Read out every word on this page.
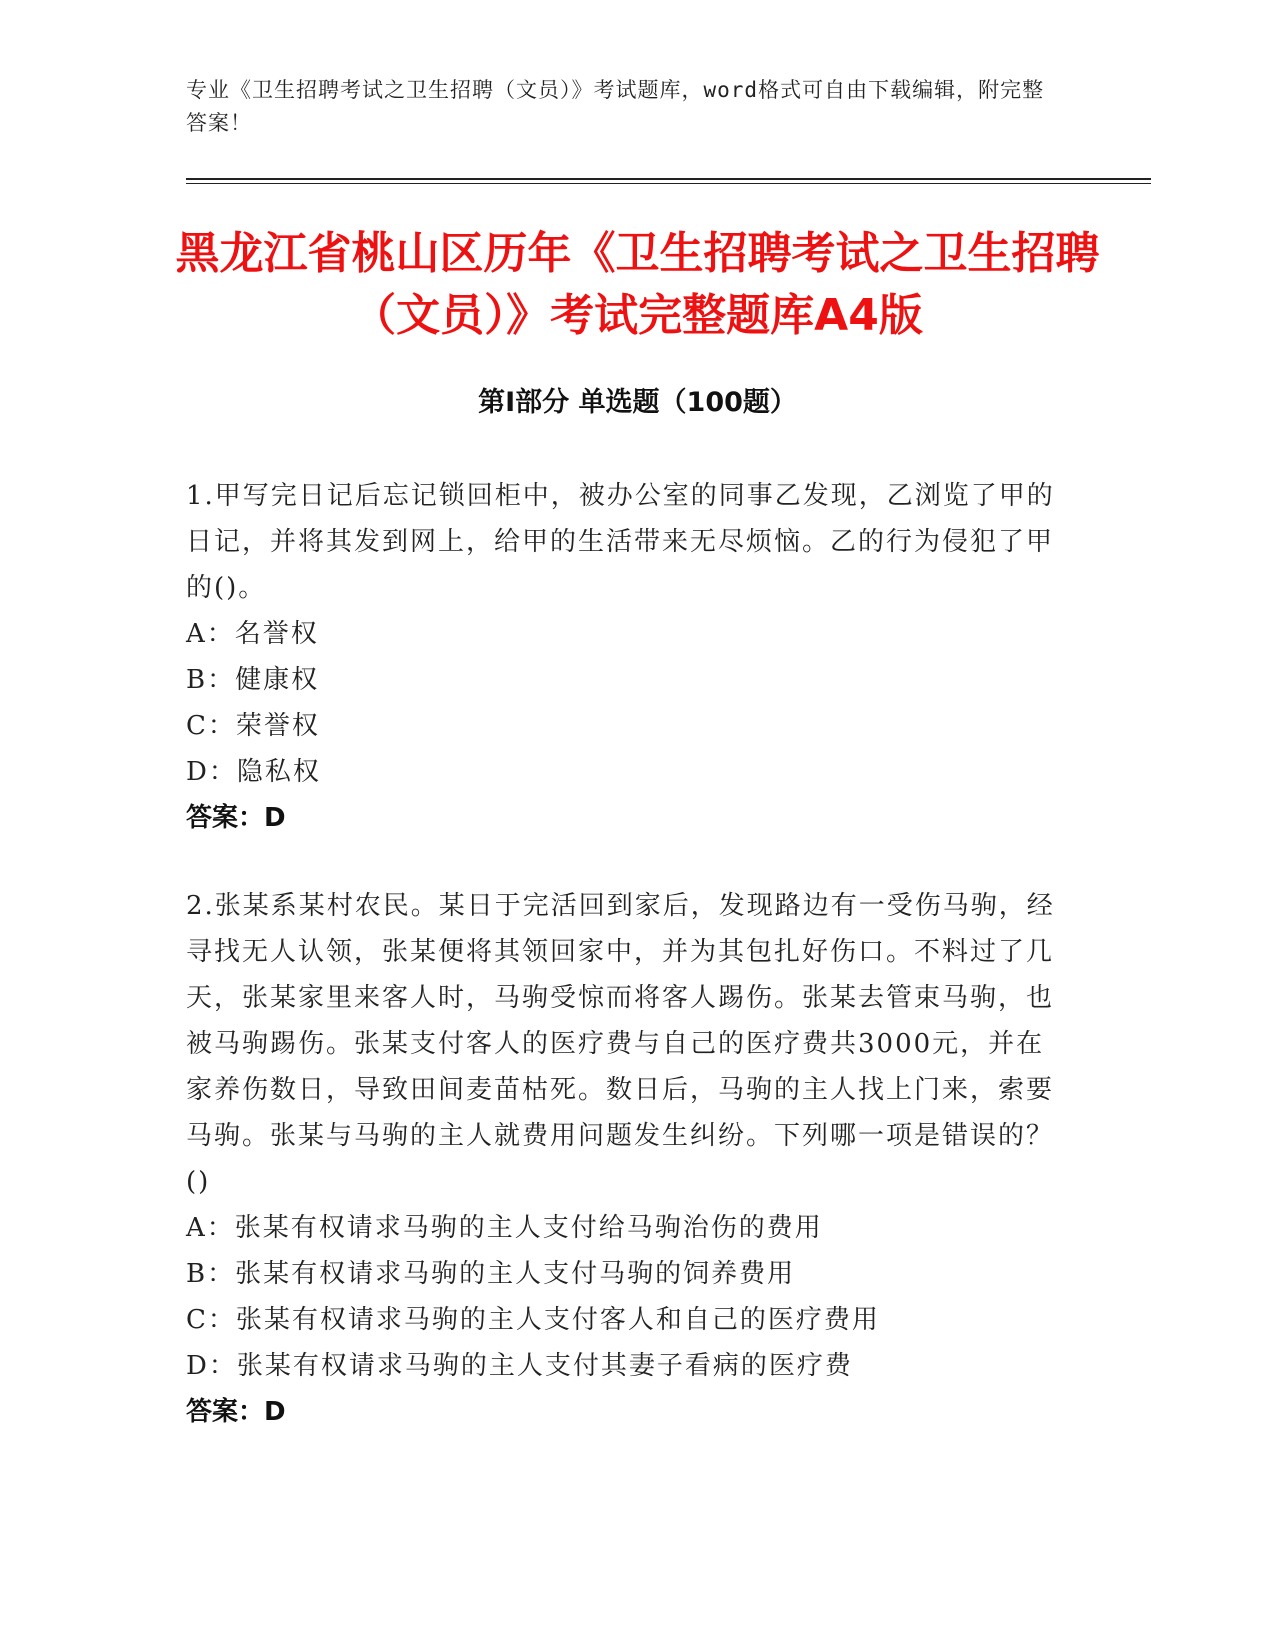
专业《卫生招聘考试之卫生招聘（文员）》考试题库，word格式可自由下载编辑，附完整答案！
黑龙江省桃山区历年《卫生招聘考试之卫生招聘（文员）》考试完整题库A4版
第I部分 单选题（100题）

1.甲写完日记后忘记锁回柜中，被办公室的同事乙发现，乙浏览了甲的日记，并将其发到网上，给甲的生活带来无尽烦恼。乙的行为侵犯了甲的()。

A：名誉权

B：健康权

C：荣誉权

D：隐私权

答案：D

2.张某系某村农民。某日于完活回到家后，发现路边有一受伤马驹，经寻找无人认领，张某便将其领回家中，并为其包扎好伤口。不料过了几天，张某家里来客人时，马驹受惊而将客人踢伤。张某去管束马驹，也被马驹踢伤。张某支付客人的医疗费与自己的医疗费共3000元，并在家养伤数日，导致田间麦苗枯死。数日后，马驹的主人找上门来，索要马驹。张某与马驹的主人就费用问题发生纠纷。下列哪一项是错误的？()

A：张某有权请求马驹的主人支付给马驹治伤的费用

B：张某有权请求马驹的主人支付马驹的饲养费用

C：张某有权请求马驹的主人支付客人和自己的医疗费用

D：张某有权请求马驹的主人支付其妻子看病的医疗费

答案：D
